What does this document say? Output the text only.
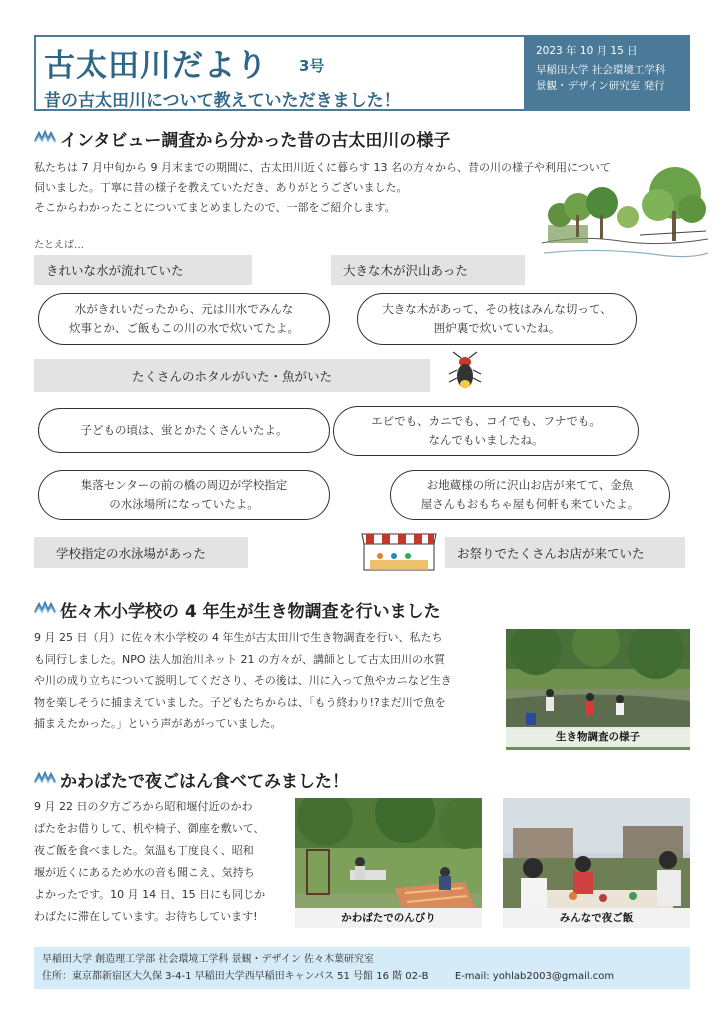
古太田川だより 3号
昔の古太田川について教えていただきました！
2023 年 10 月 15 日
早稲田大学 社会環境工学科
景観・デザイン研究室 発行
インタビュー調査から分かった昔の古太田川の様子
私たちは 7 月中旬から 9 月末までの期間に、古太田川近くに暮らす 13 名の方々から、昔の川の様子や利用について
伺いました。丁寧に昔の様子を教えていただき、ありがとうございました。
そこからわかったことについてまとめましたので、一部をご紹介します。
たとえば…
きれいな水が流れていた	大きな木が沢山あった
水がきれいだったから、元は川水でみんな
炊事とか、ご飯もこの川の水で炊いてたよ。
大きな木があって、その枝はみんな切って、
囲炉裏で炊いていたね。
たくさんのホタルがいた・魚がいた
子どもの頃は、蛍とかたくさんいたよ。
エビでも、カニでも、コイでも、フナでも。
なんでもいましたね。
集落センターの前の橋の周辺が学校指定
の水泳場所になっていたよ。
お地蔵様の所に沢山お店が来てて、金魚
屋さんもおもちゃ屋も何軒も来ていたよ。
学校指定の水泳場があった	お祭りでたくさんお店が来ていた
佐々木小学校の 4 年生が生き物調査を行いました
9 月 25 日（月）に佐々木小学校の 4 年生が古太田川で生き物調査を行い、私たち
も同行しました。NPO 法人加治川ネット 21 の方々が、講師として古太田川の水質
や川の成り立ちについて説明してくださり、その後は、川に入って魚やカニなど生き
物を楽しそうに捕まえていました。子どもたちからは、「もう終わり!?まだ川で魚を
捕まえたかった。」という声があがっていました。
生き物調査の様子
かわばたで夜ごはん食べてみました！
9 月 22 日の夕方ごろから昭和堰付近のかわ
ばたをお借りして、机や椅子、御座を敷いて、
夜ご飯を食べました。気温も丁度良く、昭和
堰が近くにあるため水の音も聞こえ、気持ち
よかったです。10 月 14 日、15 日にも同じか
わばたに滞在しています。お待ちしています!	かわばたでのんびり	みんなで夜ご飯
早稲田大学 創造理工学部 社会環境工学科 景観・デザイン 佐々木葉研究室
住所：東京都新宿区大久保 3-4-1 早稲田大学西早稲田キャンパス 51 号館 16 階 02-B	E-mail: yohlab2003@gmail.com
